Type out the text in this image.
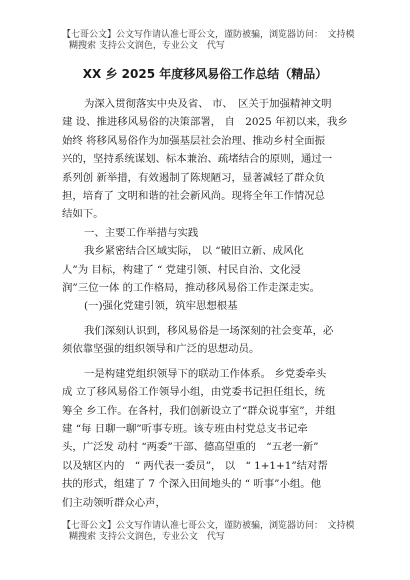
【七哥公文】公文写作请认准七哥公文，谨防被骗，浏览器访问：　文持模
糊搜索 支持公文润色，专业公文　代写
XX 乡 2025 年度移风易俗工作总结（精品）

为深入贯彻落实中央及省、 市、　区关于加强精神文明

建 设、推进移风易俗的决策部署， 自　2025 年初以来，我乡

始终 将移风易俗作为加强基层社会治理、推动乡村全面振

兴的，坚持系统谋划、标本兼治、疏堵结合的原则，通过一

系列创 新举措，有效遏制了陈规陋习，显著减轻了群众负

担，培育了 文明和谐的社会新风尚。现将全年工作情况总

结如下。

一、主要工作举措与实践

我乡紧密结合区域实际， 以 “破旧立新、成风化

人”为 目标，构建了 “ 党建引领、村民自治、文化浸

润”三位一体 的工作格局，推动移风易俗工作走深走实。

(一)强化党建引领，筑牢思想根基

我们深刻认识到，移风易俗是一场深刻的社会变革，必

须依靠坚强的组织领导和广泛的思想动员。

一是构建党组织领导下的联动工作体系。 乡党委牵头

成 立了移风易俗工作领导小组，由党委书记担任组长，统

筹全 乡工作。在各村，我们创新设立了“群众说事室”，并组

建 “每 日聊一聊”听事专班。该专班由村党总支书记牵

头，广泛发 动村 “两委”干部、德高望重的　“五老一新”

以及辖区内的　“ 两代表一委员”， 以　“ 1+1+1”结对帮

扶的形式，组建了 7 个深入田间地头的 “ 听事”小组。他

们主动领听群众心声，

【七哥公文】公文写作请认准七哥公文，谨防被骗，浏览器访问：　文持模
糊搜索 支持公文润色，专业公文　代写
